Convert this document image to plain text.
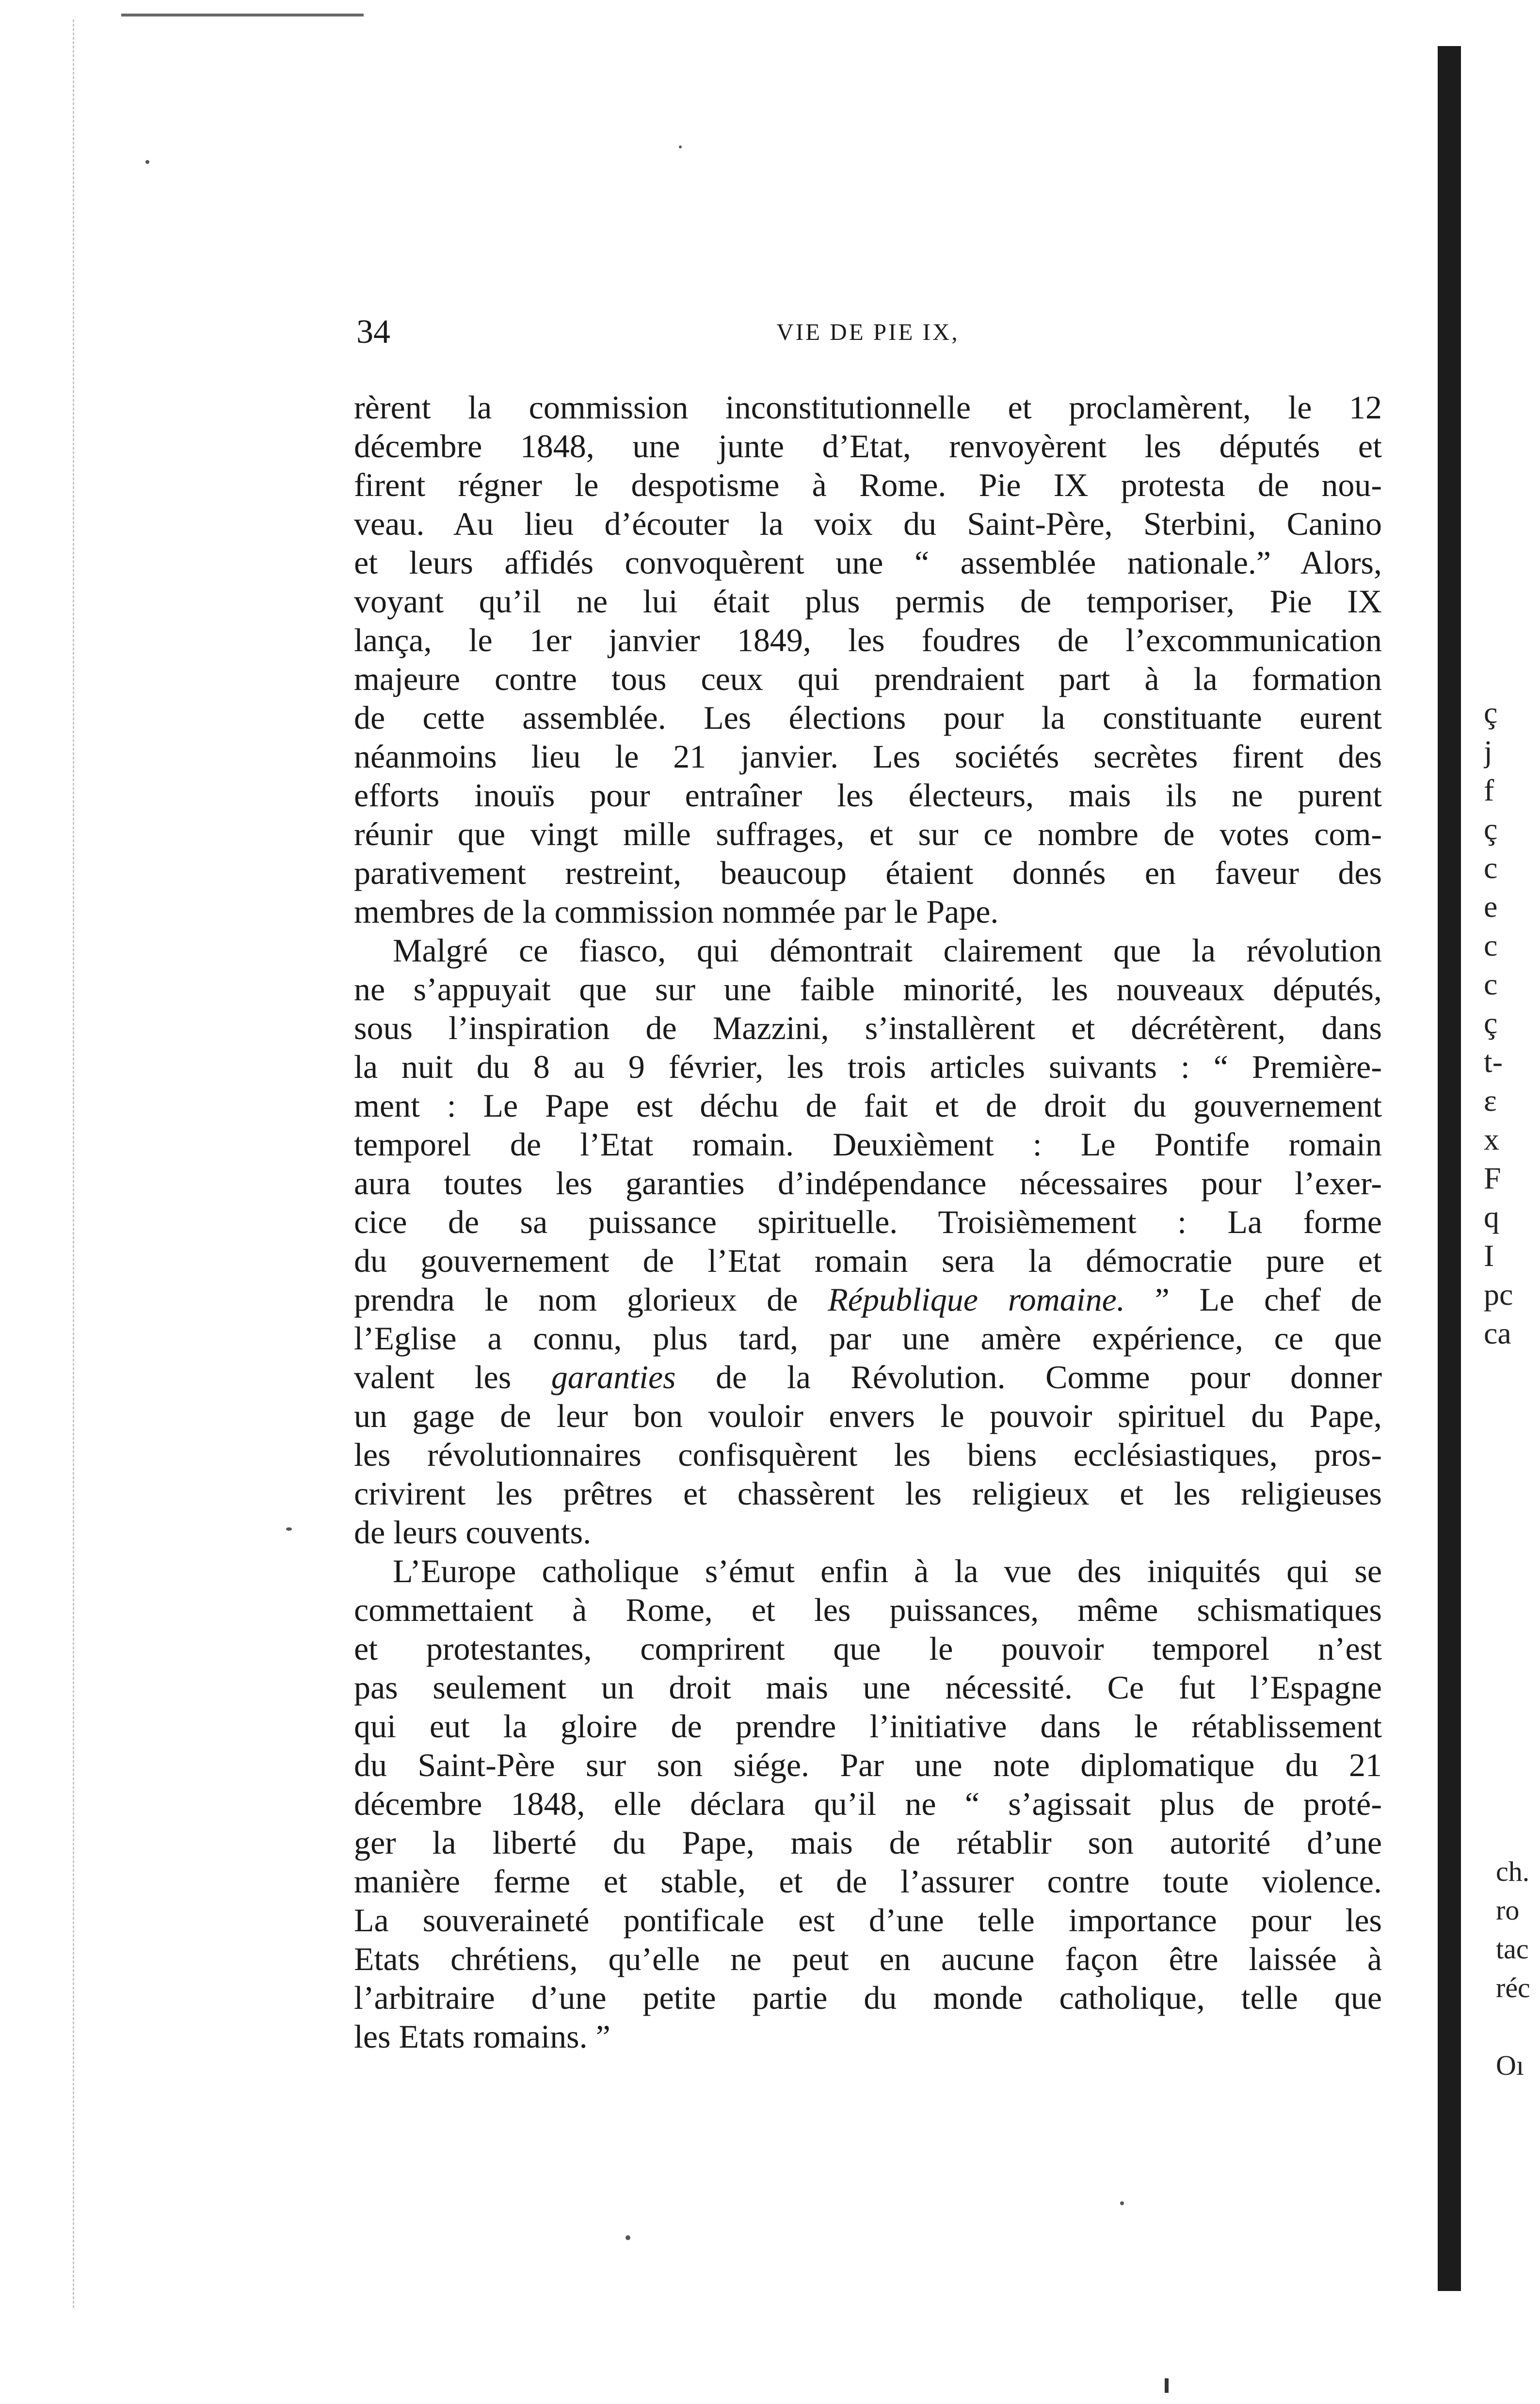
34	VIE DE PIE IX,
rèrent la commission inconstitutionnelle et proclamèrent, le 12
décembre 1848, une junte d’Etat, renvoyèrent les députés et
firent régner le despotisme à Rome. Pie IX protesta de nou-
veau. Au lieu d’écouter la voix du Saint-Père, Sterbini, Canino
et leurs affidés convoquèrent une “ assemblée nationale.” Alors,
voyant qu’il ne lui était plus permis de temporiser, Pie IX
lança, le 1er janvier 1849, les foudres de l’excommunication
majeure contre tous ceux qui prendraient part à la formation
de cette assemblée. Les élections pour la constituante eurent
néanmoins lieu le 21 janvier. Les sociétés secrètes firent des
efforts inouïs pour entraîner les électeurs, mais ils ne purent
réunir que vingt mille suffrages, et sur ce nombre de votes com-
parativement restreint, beaucoup étaient donnés en faveur des
membres de la commission nommée par le Pape.
Malgré ce fiasco, qui démontrait clairement que la révolution
ne s’appuyait que sur une faible minorité, les nouveaux députés,
sous l’inspiration de Mazzini, s’installèrent et décrétèrent, dans
la nuit du 8 au 9 février, les trois articles suivants : “ Première-
ment : Le Pape est déchu de fait et de droit du gouvernement
temporel de l’Etat romain. Deuxièment : Le Pontife romain
aura toutes les garanties d’indépendance nécessaires pour l’exer-
cice de sa puissance spirituelle. Troisièmement : La forme
du gouvernement de l’Etat romain sera la démocratie pure et
prendra le nom glorieux de République romaine. ” Le chef de
l’Eglise a connu, plus tard, par une amère expérience, ce que
valent les garanties de la Révolution. Comme pour donner
un gage de leur bon vouloir envers le pouvoir spirituel du Pape,
les révolutionnaires confisquèrent les biens ecclésiastiques, pros-
crivirent les prêtres et chassèrent les religieux et les religieuses
de leurs couvents.
L’Europe catholique s’émut enfin à la vue des iniquités qui se
commettaient à Rome, et les puissances, même schismatiques
et protestantes, comprirent que le pouvoir temporel n’est
pas seulement un droit mais une nécessité. Ce fut l’Espagne
qui eut la gloire de prendre l’initiative dans le rétablissement
du Saint-Père sur son siége. Par une note diplomatique du 21
décembre 1848, elle déclara qu’il ne “ s’agissait plus de proté-
ger la liberté du Pape, mais de rétablir son autorité d’une
manière ferme et stable, et de l’assurer contre toute violence.
La souveraineté pontificale est d’une telle importance pour les
Etats chrétiens, qu’elle ne peut en aucune façon être laissée à
l’arbitraire d’une petite partie du monde catholique, telle que
les Etats romains. ”
ç
j
f
ç
c
e
c
c
ç
t-
ɛ
x
F
q
I
pc
ca
ch.
ro
tac
réc
Oı
